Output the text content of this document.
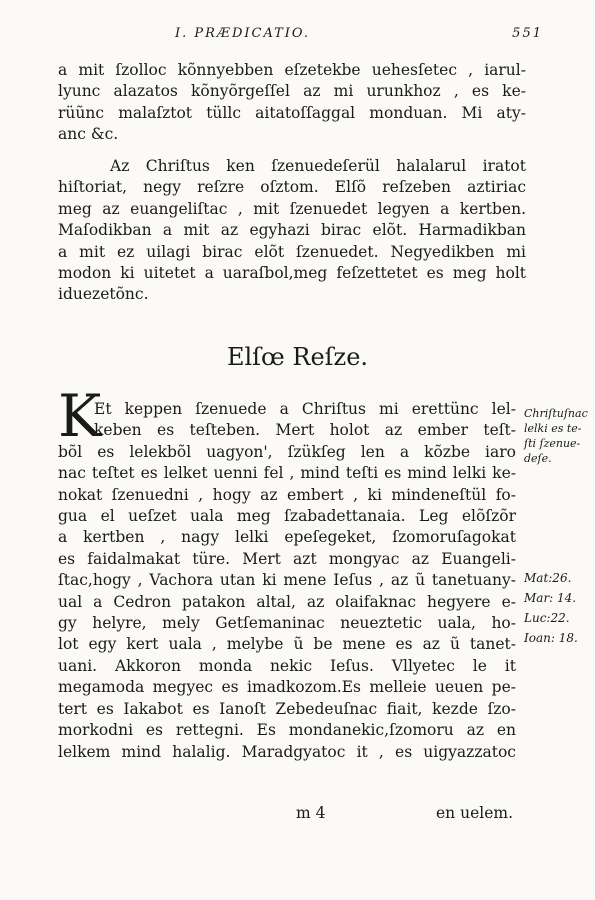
I. PRÆDICATIO.	551
a mit ſzolloc kõnnyebben eſzetekbe uehesſetec , iarul-
lyunc alazatos kõnyõrgeſſel az mi urunkhoz , es ke-
rüũnc malaſztot tüllc aitatoſſaggal monduan. Mi aty-
anc &c.
Az Chriſtus ken ſzenuedeſerül halalarul iratot
hiſtoriat, negy reſzre oſztom. Elſõ reſzeben aztiriac
meg az euangeliſtac , mit ſzenuedet legyen a kertben.
Maſodikban a mit az egyhazi birac elõt. Harmadikban
a mit ez uilagi birac elõt ſzenuedet. Negyedikben mi
modon ki uitetet a uaraſbol,meg feſzettetet es meg holt
iduezetõnc.
Elſœ Reſze.
K
Et keppen ſzenuede a Chriſtus mi erettünc lel-
keben es teſteben. Mert holot az ember teſt-
bõl es lelekbõl uagyon', ſzükſeg len a kõzbe iaro
nac teſtet es lelket uenni fel , mind teſti es mind lelki ke-
nokat ſzenuedni , hogy az embert , ki mindeneſtül fo-
gua el ueſzet uala meg ſzabadettanaia. Leg elõſzõr
a kertben , nagy lelki epeſegeket, ſzomoruſagokat
es faidalmakat türe. Mert azt mongyac az Euangeli-
ſtac,hogy , Vachora utan ki mene Ieſus , az ũ tanetuany-
ual a Cedron patakon altal, az olaifaknac hegyere e-
gy helyre, mely Getſemaninac neueztetic uala, ho-
lot egy kert uala , melybe ũ be mene es az ũ tanet-
uani. Akkoron monda nekic Ieſus. Vllyetec le it
megamoda megyec es imadkozom.Es melleie ueuen pe-
tert es Iakabot es Ianoſt Zebedeuſnac fiait, kezde ſzo-
morkodni es rettegni. Es mondanekic,ſzomoru az en
lelkem mind halalig. Maradgyatoc it , es uigyazzatoc
Chriſtuſnac
lelki es te-
ſti ſzenue-
deſe.
Mat:26.
Mar: 14.
Luc:22.
Ioan: 18.
m 4	en uelem.
